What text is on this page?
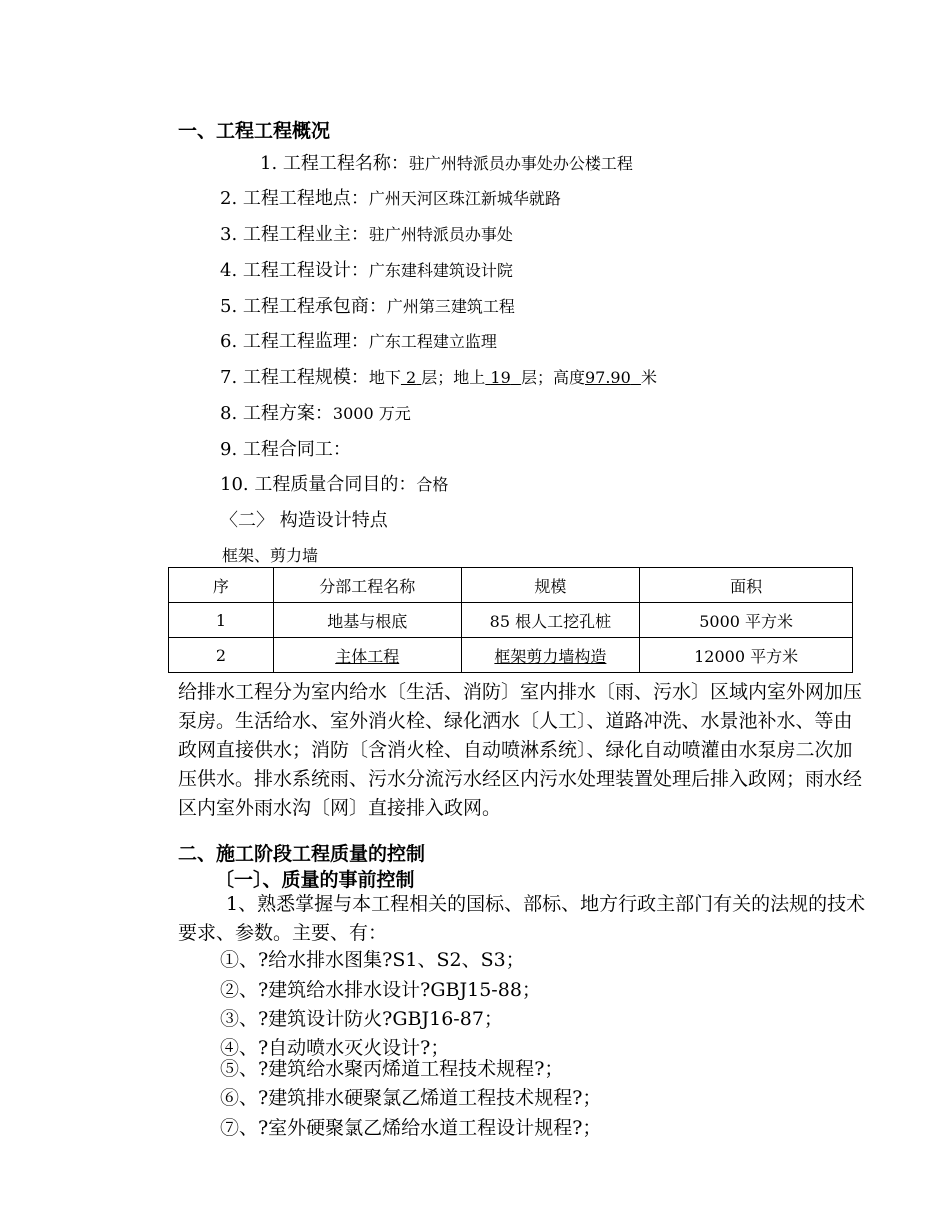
一、工程工程概况
1. 工程工程名称：驻广州特派员办事处办公楼工程
2. 工程工程地点：广州天河区珠江新城华就路
3. 工程工程业主：驻广州特派员办事处
4. 工程工程设计：广东建科建筑设计院
5. 工程工程承包商：广州第三建筑工程
6. 工程工程监理：广东工程建立监理
7. 工程工程规模：地下 2 层；地上 19 层；高度97.90 米
8. 工程方案：3000 万元
9. 工程合同工：
10. 工程质量合同目的：合格
〈二〉 构造设计特点
框架、剪力墙
序	分部工程名称	规模	面积
1	地基与根底	85 根人工挖孔桩	5000 平方米
2	主体工程	框架剪力墙构造	12000 平方米
给排水工程分为室内给水〔生活、消防〕室内排水〔雨、污水〕区域内室外网加压泵房。生活给水、室外消火栓、绿化洒水〔人工〕、道路冲洗、水景池补水、等由政网直接供水；消防〔含消火栓、自动喷淋系统〕、绿化自动喷灌由水泵房二次加压供水。排水系统雨、污水分流污水经区内污水处理装置处理后排入政网；雨水经区内室外雨水沟〔网〕直接排入政网。
二、施工阶段工程质量的控制
〔一〕、质量的事前控制
1、熟悉掌握与本工程相关的国标、部标、地方行政主部门有关的法规的技术要求、参数。主要、有：
①、?给水排水图集?S1、S2、S3；
②、?建筑给水排水设计?GBJ15-88；
③、?建筑设计防火?GBJ16-87；
④、?自动喷水灭火设计?；
⑤、?建筑给水聚丙烯道工程技术规程?；
⑥、?建筑排水硬聚氯乙烯道工程技术规程?；
⑦、?室外硬聚氯乙烯给水道工程设计规程?；
